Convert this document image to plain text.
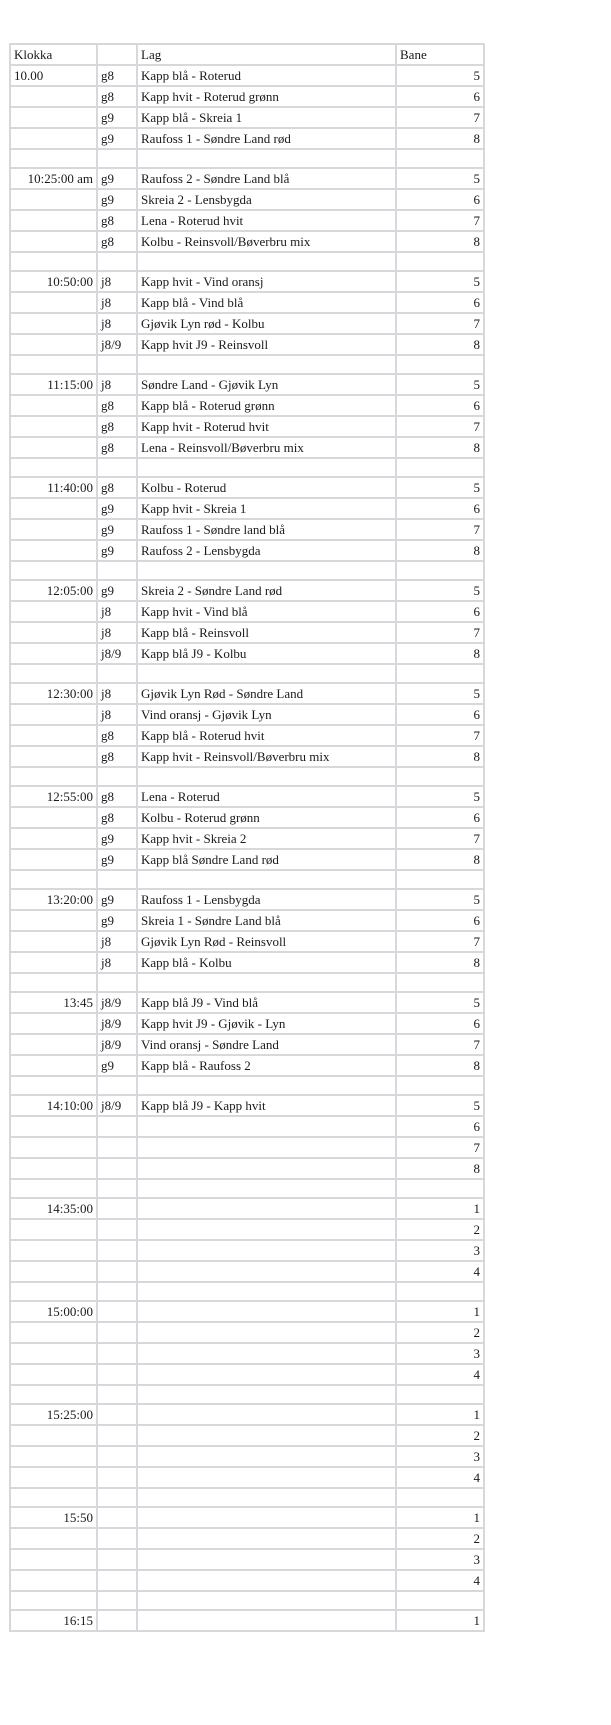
Klokka		Lag	Bane
10.00	g8	Kapp blå - Roterud	5
	g8	Kapp hvit - Roterud grønn	6
	g9	Kapp blå - Skreia 1	7
	g9	Raufoss 1 - Søndre Land rød	8

10:25:00 am	g9	Raufoss 2 - Søndre Land blå	5
	g9	Skreia 2 - Lensbygda	6
	g8	Lena - Roterud hvit	7
	g8	Kolbu - Reinsvoll/Bøverbru mix	8

10:50:00	j8	Kapp hvit - Vind oransj	5
	j8	Kapp blå - Vind blå	6
	j8	Gjøvik Lyn rød - Kolbu	7
	j8/9	Kapp hvit J9 - Reinsvoll	8

11:15:00	j8	Søndre Land - Gjøvik Lyn	5
	g8	Kapp blå - Roterud grønn	6
	g8	Kapp hvit - Roterud hvit	7
	g8	Lena - Reinsvoll/Bøverbru mix	8

11:40:00	g8	Kolbu - Roterud	5
	g9	Kapp hvit - Skreia 1	6
	g9	Raufoss 1 - Søndre land blå	7
	g9	Raufoss 2 - Lensbygda	8

12:05:00	g9	Skreia 2 - Søndre Land rød	5
	j8	Kapp hvit - Vind blå	6
	j8	Kapp blå - Reinsvoll	7
	j8/9	Kapp blå J9 - Kolbu	8

12:30:00	j8	Gjøvik Lyn Rød - Søndre Land	5
	j8	Vind oransj - Gjøvik Lyn	6
	g8	Kapp blå - Roterud hvit	7
	g8	Kapp hvit - Reinsvoll/Bøverbru mix	8

12:55:00	g8	Lena - Roterud	5
	g8	Kolbu - Roterud grønn	6
	g9	Kapp hvit - Skreia 2	7
	g9	Kapp blå Søndre Land rød	8

13:20:00	g9	Raufoss 1 - Lensbygda	5
	g9	Skreia 1 - Søndre Land blå	6
	j8	Gjøvik Lyn Rød - Reinsvoll	7
	j8	Kapp blå - Kolbu	8

13:45	j8/9	Kapp blå J9 - Vind blå	5
	j8/9	Kapp hvit J9 - Gjøvik - Lyn	6
	j8/9	Vind oransj - Søndre Land	7
	g9	Kapp blå - Raufoss 2	8

14:10:00	j8/9	Kapp blå J9 - Kapp hvit	5
			6
			7
			8

14:35:00			1
			2
			3
			4

15:00:00			1
			2
			3
			4

15:25:00			1
			2
			3
			4

15:50			1
			2
			3
			4

16:15			1
